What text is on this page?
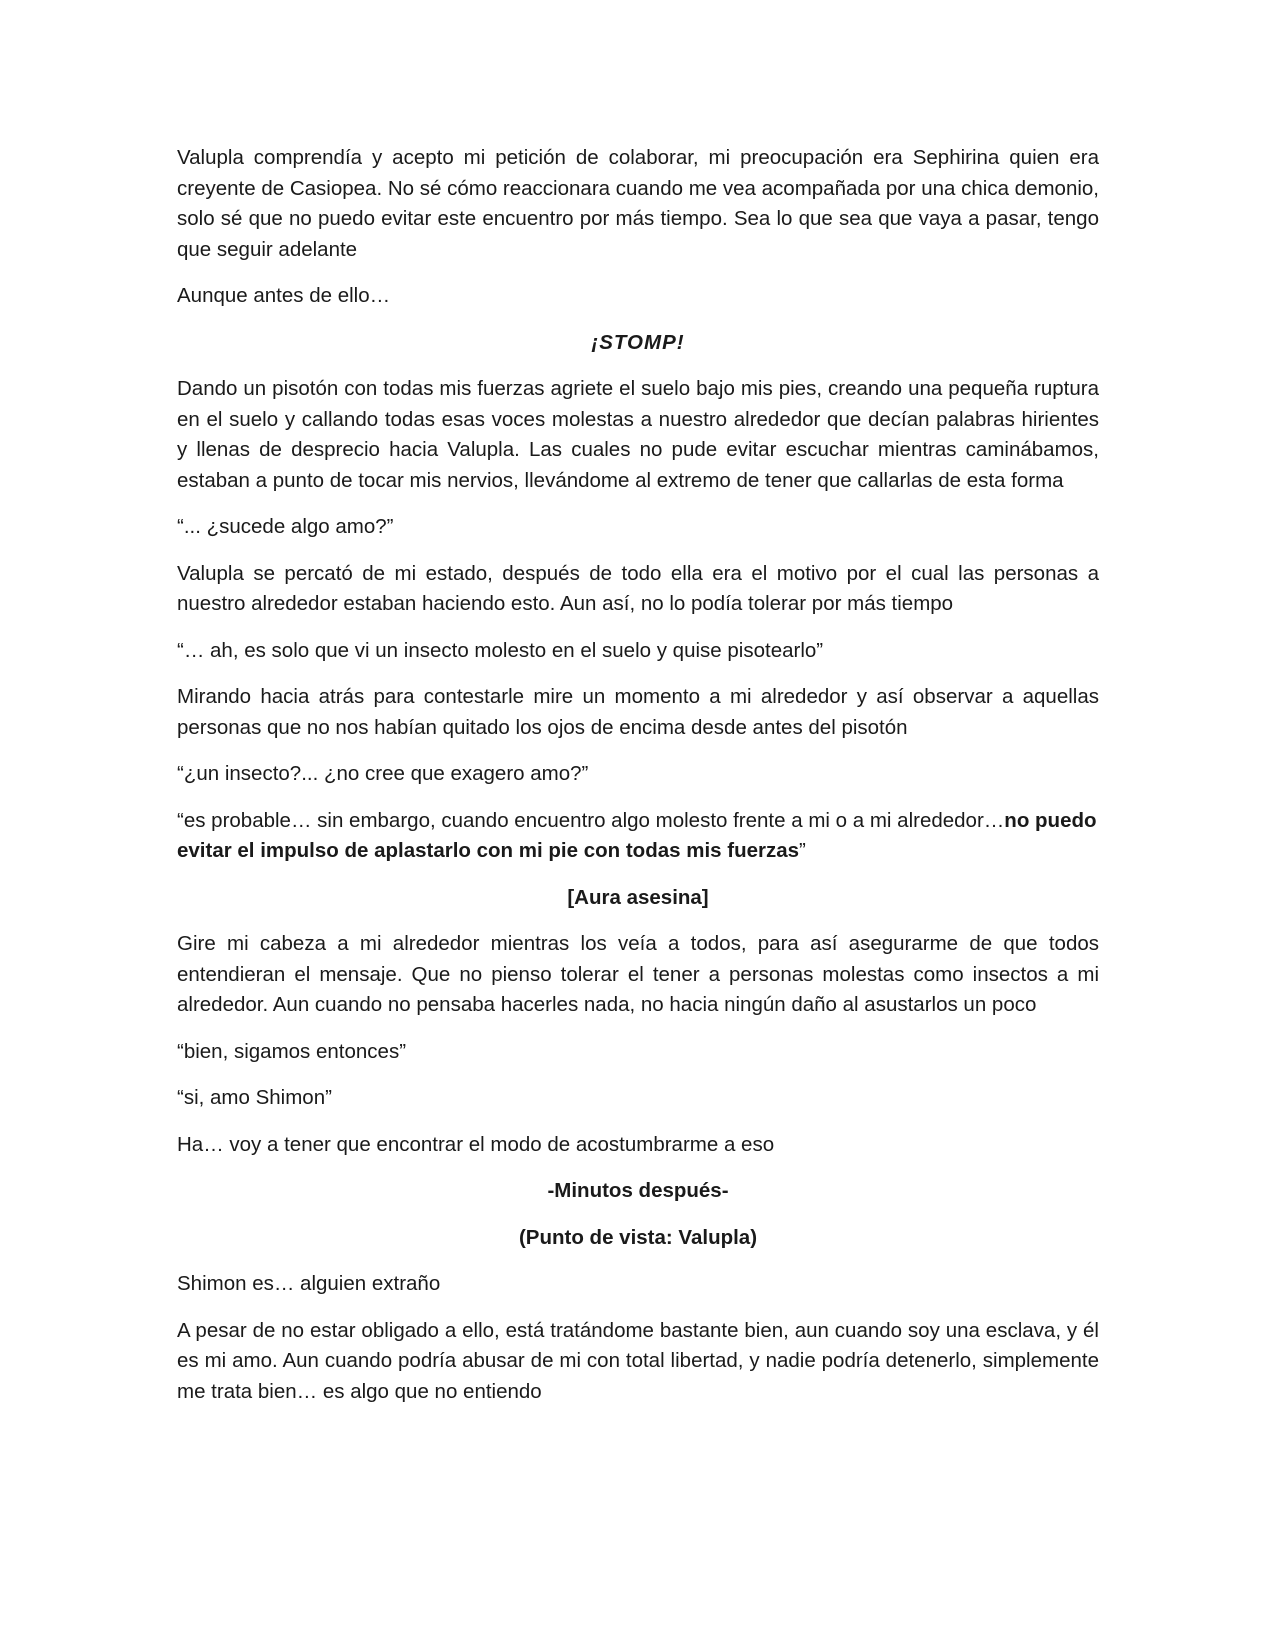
Valupla comprendía y acepto mi petición de colaborar, mi preocupación era Sephirina quien era creyente de Casiopea. No sé cómo reaccionara cuando me vea acompañada por una chica demonio, solo sé que no puedo evitar este encuentro por más tiempo. Sea lo que sea que vaya a pasar, tengo que seguir adelante

Aunque antes de ello…

¡STOMP!

Dando un pisotón con todas mis fuerzas agriete el suelo bajo mis pies, creando una pequeña ruptura en el suelo y callando todas esas voces molestas a nuestro alrededor que decían palabras hirientes y llenas de desprecio hacia Valupla. Las cuales no pude evitar escuchar mientras caminábamos, estaban a punto de tocar mis nervios, llevándome al extremo de tener que callarlas de esta forma

“... ¿sucede algo amo?”

Valupla se percató de mi estado, después de todo ella era el motivo por el cual las personas a nuestro alrededor estaban haciendo esto. Aun así, no lo podía tolerar por más tiempo

“… ah, es solo que vi un insecto molesto en el suelo y quise pisotearlo”

Mirando hacia atrás para contestarle mire un momento a mi alrededor y así observar a aquellas personas que no nos habían quitado los ojos de encima desde antes del pisotón

“¿un insecto?... ¿no cree que exagero amo?”

“es probable… sin embargo, cuando encuentro algo molesto frente a mi o a mi alrededor…no puedo evitar el impulso de aplastarlo con mi pie con todas mis fuerzas”

[Aura asesina]

Gire mi cabeza a mi alrededor mientras los veía a todos, para así asegurarme de que todos entendieran el mensaje. Que no pienso tolerar el tener a personas molestas como insectos a mi alrededor. Aun cuando no pensaba hacerles nada, no hacia ningún daño al asustarlos un poco

“bien, sigamos entonces”

“si, amo Shimon”

Ha… voy a tener que encontrar el modo de acostumbrarme a eso

-Minutos después-

(Punto de vista: Valupla)

Shimon es… alguien extraño

A pesar de no estar obligado a ello, está tratándome bastante bien, aun cuando soy una esclava, y él es mi amo. Aun cuando podría abusar de mi con total libertad, y nadie podría detenerlo, simplemente me trata bien… es algo que no entiendo
